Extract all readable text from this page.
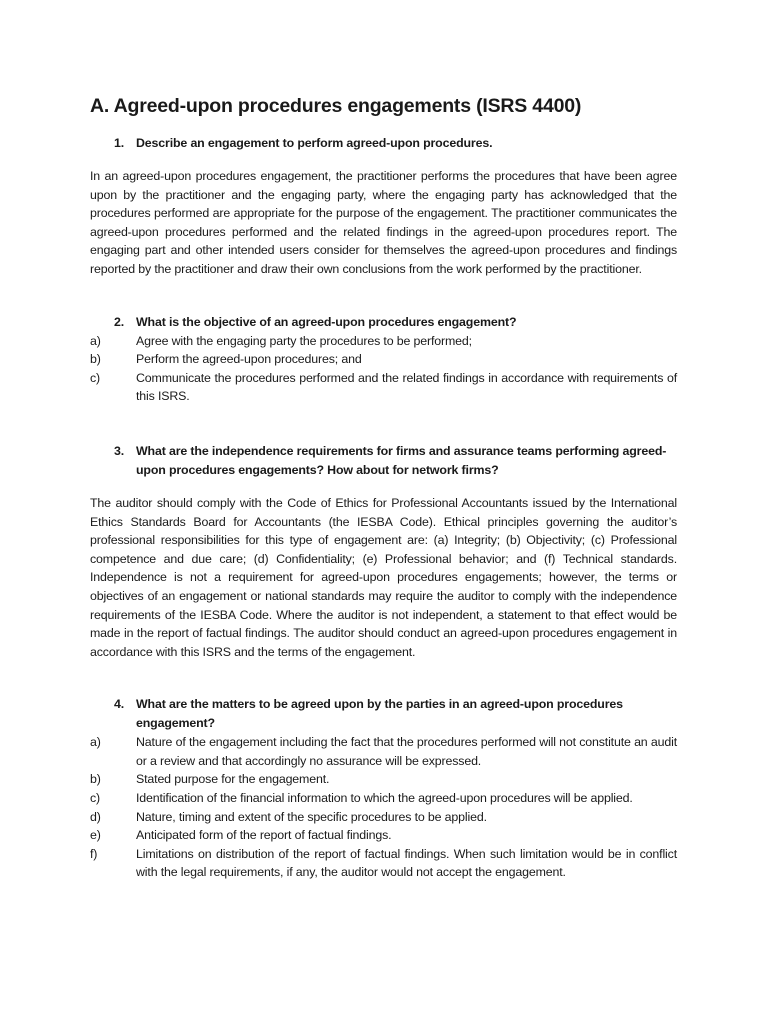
A. Agreed-upon procedures engagements (ISRS 4400)
1. Describe an engagement to perform agreed-upon procedures.

In an agreed-upon procedures engagement, the practitioner performs the procedures that have been agree upon by the practitioner and the engaging party, where the engaging party has acknowledged that the procedures performed are appropriate for the purpose of the engagement. The practitioner communicates the agreed-upon procedures performed and the related findings in the agreed-upon procedures report. The engaging part and other intended users consider for themselves the agreed-upon procedures and findings reported by the practitioner and draw their own conclusions from the work performed by the practitioner.

2. What is the objective of an agreed-upon procedures engagement?
a)	Agree with the engaging party the procedures to be performed;
b)	Perform the agreed-upon procedures; and
c)	Communicate the procedures performed and the related findings in accordance with requirements of this ISRS.
3. What are the independence requirements for firms and assurance teams performing agreed-upon procedures engagements? How about for network firms?

The auditor should comply with the Code of Ethics for Professional Accountants issued by the International Ethics Standards Board for Accountants (the IESBA Code). Ethical principles governing the auditor’s professional responsibilities for this type of engagement are: (a) Integrity; (b) Objectivity; (c) Professional competence and due care; (d) Confidentiality; (e) Professional behavior; and (f) Technical standards. Independence is not a requirement for agreed-upon procedures engagements; however, the terms or objectives of an engagement or national standards may require the auditor to comply with the independence requirements of the IESBA Code. Where the auditor is not independent, a statement to that effect would be made in the report of factual findings. The auditor should conduct an agreed-upon procedures engagement in accordance with this ISRS and the terms of the engagement.

4. What are the matters to be agreed upon by the parties in an agreed-upon procedures engagement?
a)	Nature of the engagement including the fact that the procedures performed will not constitute an audit or a review and that accordingly no assurance will be expressed.
b)	Stated purpose for the engagement.
c)	Identification of the financial information to which the agreed-upon procedures will be applied.
d)	Nature, timing and extent of the specific procedures to be applied.
e)	Anticipated form of the report of factual findings.
f)	Limitations on distribution of the report of factual findings. When such limitation would be in conflict with the legal requirements, if any, the auditor would not accept the engagement.
